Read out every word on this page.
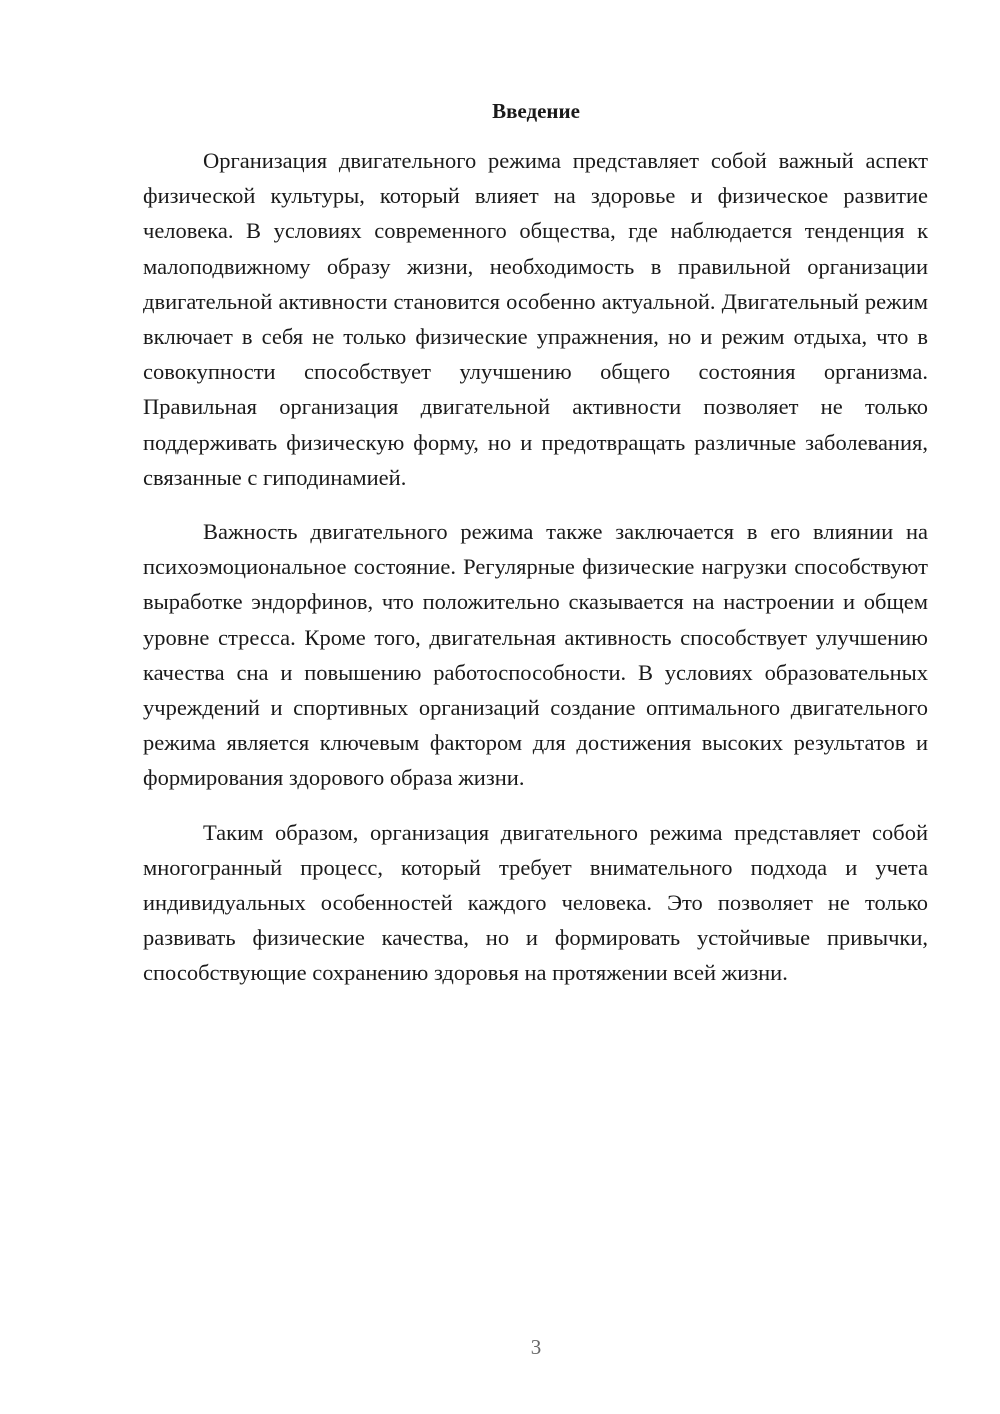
Введение

Организация двигательного режима представляет собой важный аспект физической культуры, который влияет на здоровье и физическое развитие человека. В условиях современного общества, где наблюдается тенденция к малоподвижному образу жизни, необходимость в правильной организации двигательной активности становится особенно актуальной. Двигательный режим включает в себя не только физические упражнения, но и режим отдыха, что в совокупности способствует улучшению общего состояния организма. Правильная организация двигательной активности позволяет не только поддерживать физическую форму, но и предотвращать различные заболевания, связанные с гиподинамией.

Важность двигательного режима также заключается в его влиянии на психоэмоциональное состояние. Регулярные физические нагрузки способствуют выработке эндорфинов, что положительно сказывается на настроении и общем уровне стресса. Кроме того, двигательная активность способствует улучшению качества сна и повышению работоспособности. В условиях образовательных учреждений и спортивных организаций создание оптимального двигательного режима является ключевым фактором для достижения высоких результатов и формирования здорового образа жизни.

Таким образом, организация двигательного режима представляет собой многогранный процесс, который требует внимательного подхода и учета индивидуальных особенностей каждого человека. Это позволяет не только развивать физические качества, но и формировать устойчивые привычки, способствующие сохранению здоровья на протяжении всей жизни.

3
